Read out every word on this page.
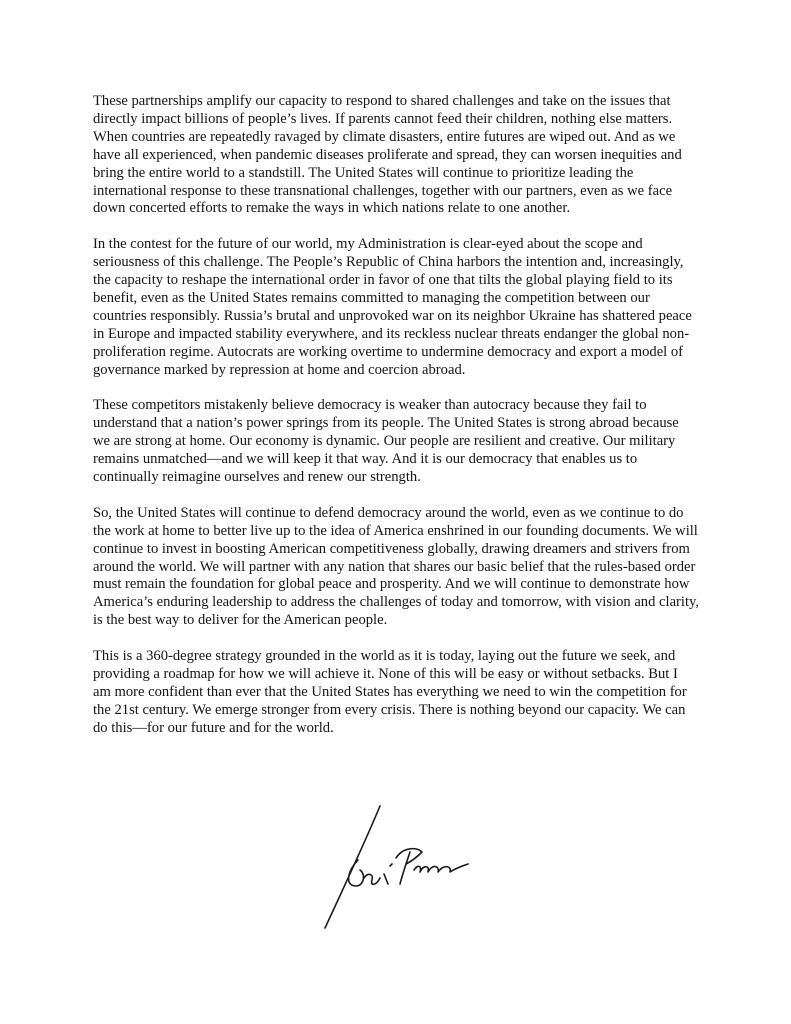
These partnerships amplify our capacity to respond to shared challenges and take on the issues that directly impact billions of people’s lives. If parents cannot feed their children, nothing else matters. When countries are repeatedly ravaged by climate disasters, entire futures are wiped out. And as we have all experienced, when pandemic diseases proliferate and spread, they can worsen inequities and bring the entire world to a standstill. The United States will continue to prioritize leading the international response to these transnational challenges, together with our partners, even as we face down concerted efforts to remake the ways in which nations relate to one another.

In the contest for the future of our world, my Administration is clear-eyed about the scope and seriousness of this challenge. The People’s Republic of China harbors the intention and, increasingly, the capacity to reshape the international order in favor of one that tilts the global playing field to its benefit, even as the United States remains committed to managing the competition between our countries responsibly. Russia’s brutal and unprovoked war on its neighbor Ukraine has shattered peace in Europe and impacted stability everywhere, and its reckless nuclear threats endanger the global non-proliferation regime. Autocrats are working overtime to undermine democracy and export a model of governance marked by repression at home and coercion abroad.

These competitors mistakenly believe democracy is weaker than autocracy because they fail to understand that a nation’s power springs from its people. The United States is strong abroad because we are strong at home. Our economy is dynamic. Our people are resilient and creative. Our military remains unmatched—and we will keep it that way. And it is our democracy that enables us to continually reimagine ourselves and renew our strength.

So, the United States will continue to defend democracy around the world, even as we continue to do the work at home to better live up to the idea of America enshrined in our founding documents. We will continue to invest in boosting American competitiveness globally, drawing dreamers and strivers from around the world. We will partner with any nation that shares our basic belief that the rules-based order must remain the foundation for global peace and prosperity. And we will continue to demonstrate how America’s enduring leadership to address the challenges of today and tomorrow, with vision and clarity, is the best way to deliver for the American people.

This is a 360-degree strategy grounded in the world as it is today, laying out the future we seek, and providing a roadmap for how we will achieve it. None of this will be easy or without setbacks. But I am more confident than ever that the United States has everything we need to win the competition for the 21st century. We emerge stronger from every crisis. There is nothing beyond our capacity. We can do this—for our future and for the world.
